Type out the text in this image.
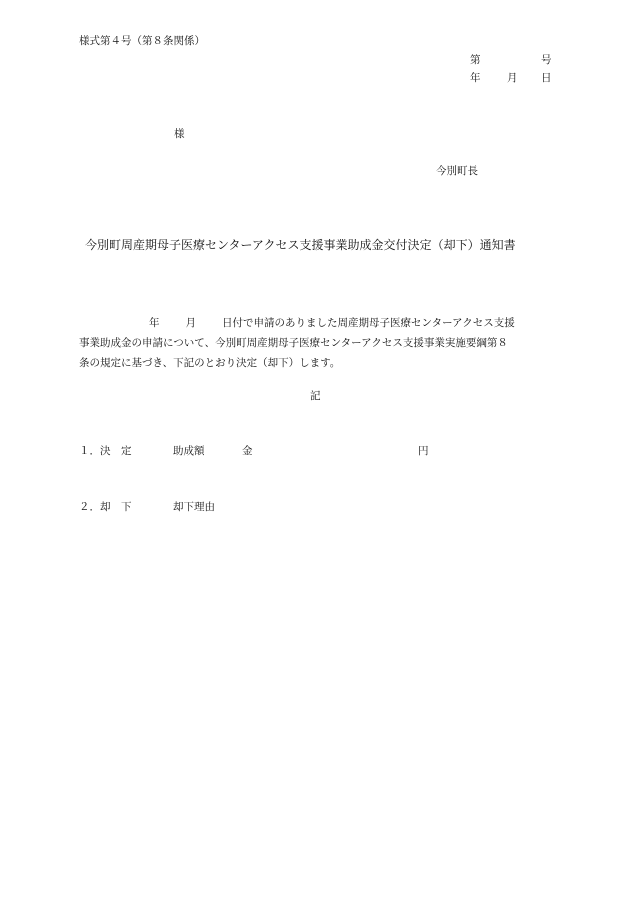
様式第４号（第８条関係）
第	号
年	月 日
様
今別町長
今別町周産期母子医療センターアクセス支援事業助成金交付決定（却下）通知書
年 月 日付で申請のありました周産期母子医療センターアクセス支援
事業助成金の申請について、今別町周産期母子医療センターアクセス支援事業実施要綱第８
条の規定に基づき、下記のとおり決定（却下）します。
記
１．決　定	助成額	金	円
２．却　下	却下理由
